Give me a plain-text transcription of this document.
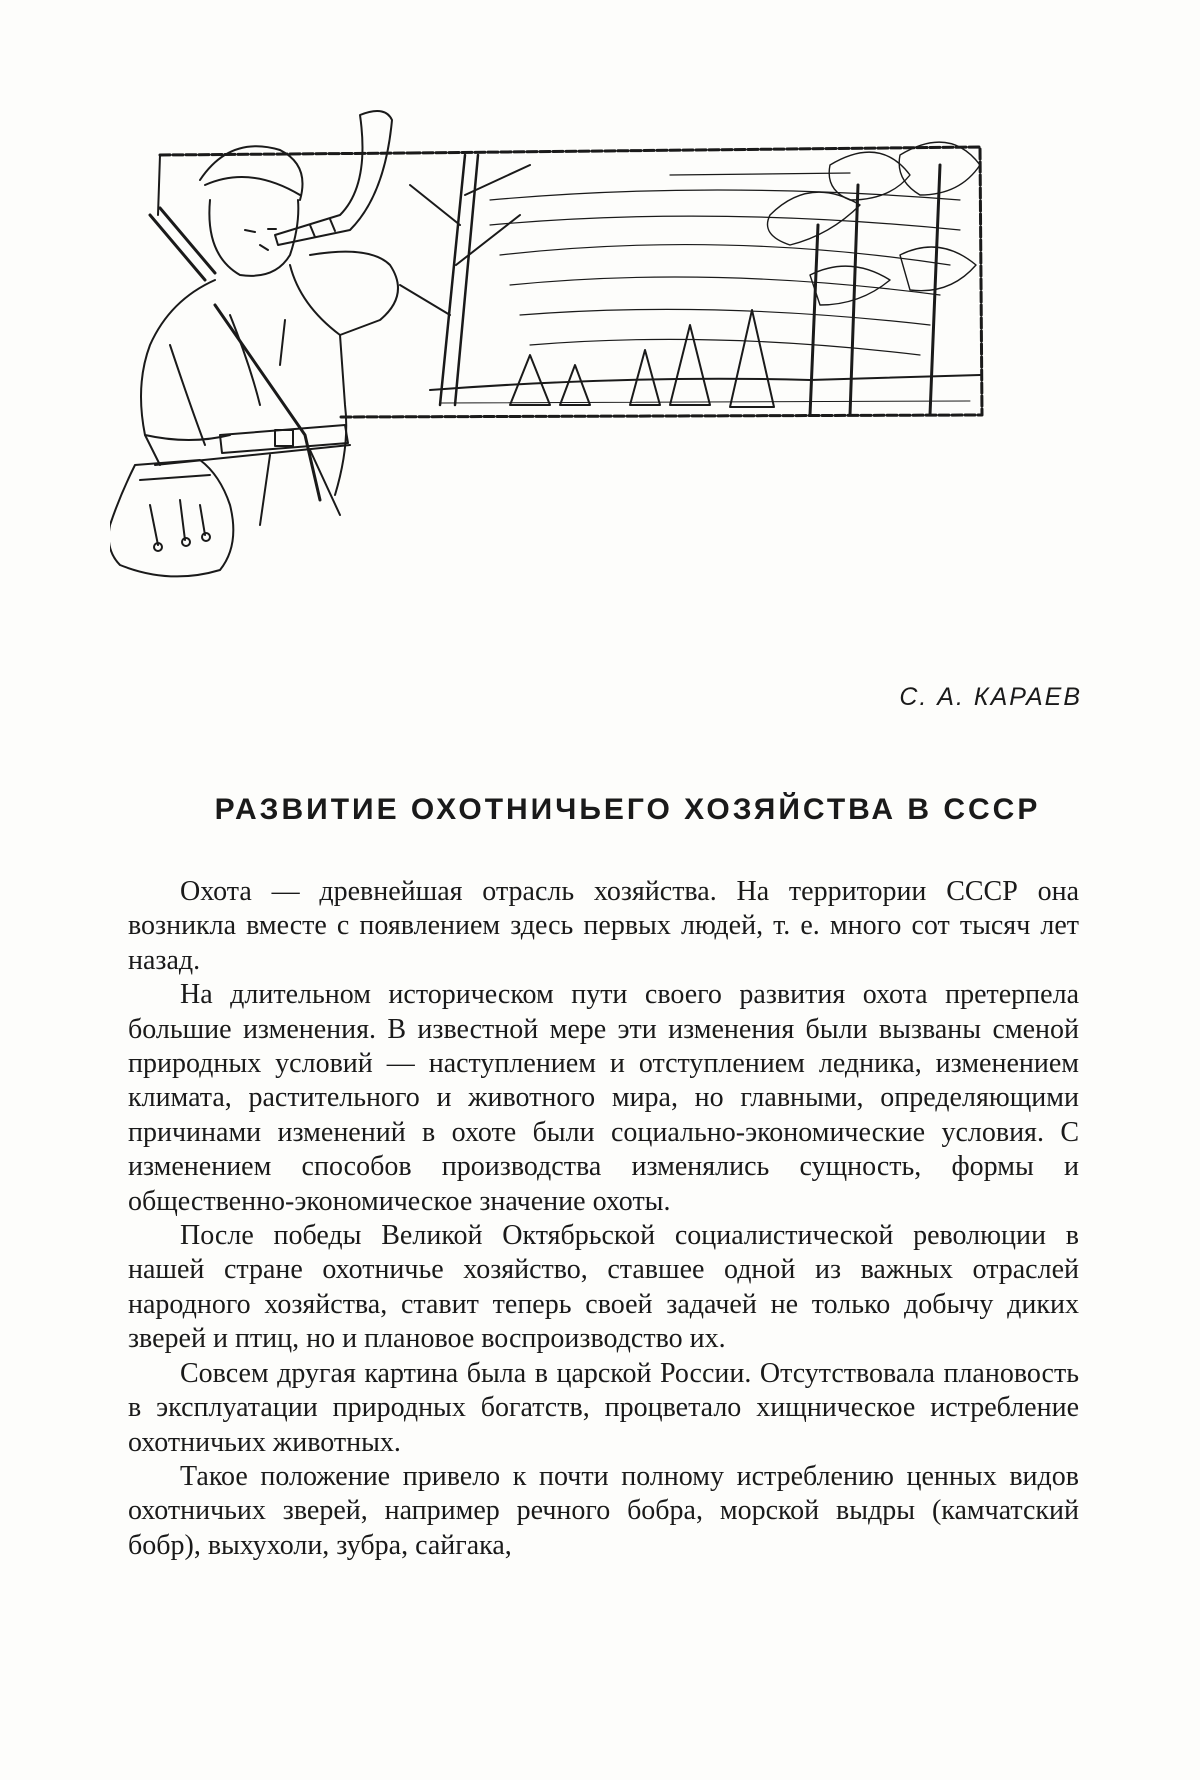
С. А. КАРАЕВ
РАЗВИТИЕ ОХОТНИЧЬЕГО ХОЗЯЙСТВА В СССР

Охота — древнейшая отрасль хозяйства. На территории СССР она возникла вместе с появлением здесь первых людей, т. е. много сот тысяч лет назад.

На длительном историческом пути своего развития охота претерпела большие изменения. В известной мере эти изменения были вызваны сменой природных условий — наступлением и отступлением ледника, изменением климата, растительного и животного мира, но главными, определяющими причинами изменений в охоте были социально-экономические условия. С изменением способов производства изменялись сущность, формы и общественно-экономическое значение охоты.

После победы Великой Октябрьской социалистической революции в нашей стране охотничье хозяйство, ставшее одной из важных отраслей народного хозяйства, ставит теперь своей задачей не только добычу диких зверей и птиц, но и плановое воспроизводство их.

Совсем другая картина была в царской России. Отсутствовала плановость в эксплуатации природных богатств, процветало хищническое истребление охотничьих животных.

Такое положение привело к почти полному истреблению ценных видов охотничьих зверей, например речного бобра, морской выдры (камчатский бобр), выхухоли, зубра, сайгака,
